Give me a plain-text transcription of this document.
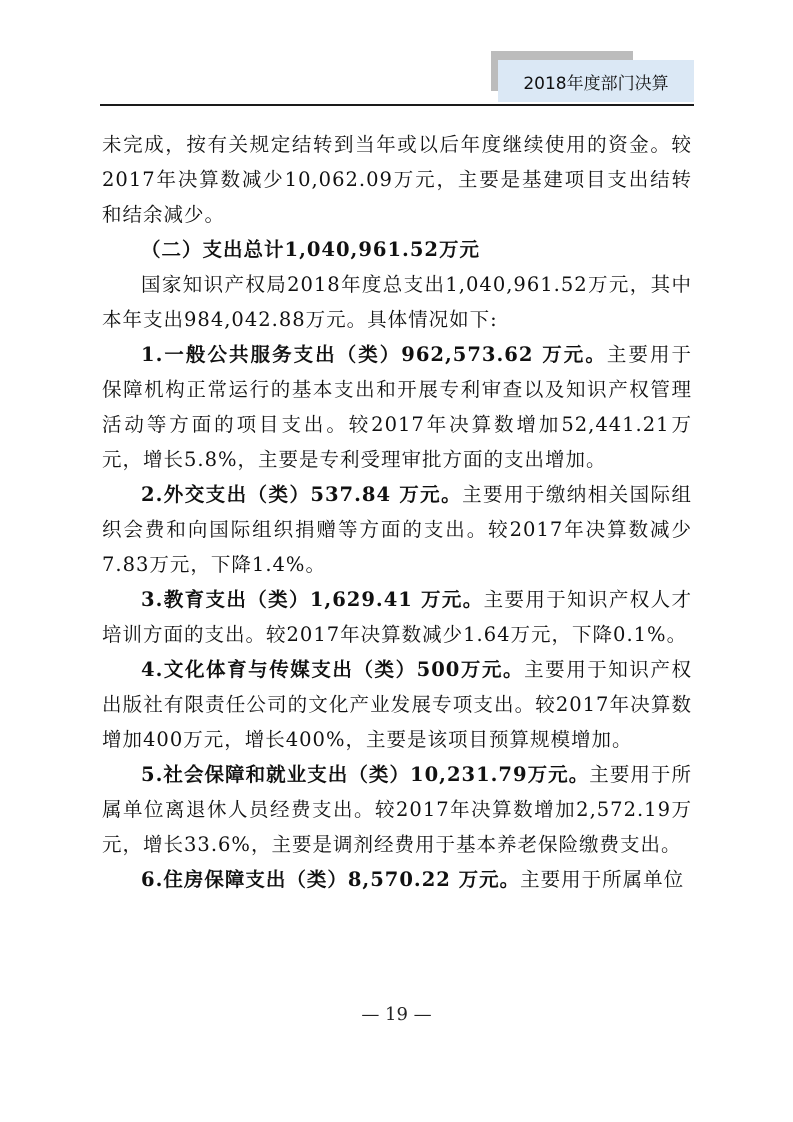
2018年度部门决算

未完成，按有关规定结转到当年或以后年度继续使用的资金。较2017年决算数减少10,062.09万元，主要是基建项目支出结转和结余减少。

（二）支出总计1,040,961.52万元

国家知识产权局2018年度总支出1,040,961.52万元，其中本年支出984,042.88万元。具体情况如下:

1.一般公共服务支出（类）962,573.62 万元。主要用于保障机构正常运行的基本支出和开展专利审查以及知识产权管理活动等方面的项目支出。较2017年决算数增加52,441.21万元，增长5.8%，主要是专利受理审批方面的支出增加。

2.外交支出（类）537.84 万元。主要用于缴纳相关国际组织会费和向国际组织捐赠等方面的支出。较2017年决算数减少7.83万元，下降1.4%。

3.教育支出（类）1,629.41 万元。主要用于知识产权人才培训方面的支出。较2017年决算数减少1.64万元，下降0.1%。

4.文化体育与传媒支出（类）500万元。主要用于知识产权出版社有限责任公司的文化产业发展专项支出。较2017年决算数增加400万元，增长400%，主要是该项目预算规模增加。

5.社会保障和就业支出（类）10,231.79万元。主要用于所属单位离退休人员经费支出。较2017年决算数增加2,572.19万元，增长33.6%，主要是调剂经费用于基本养老保险缴费支出。

6.住房保障支出（类）8,570.22 万元。主要用于所属单位

— 19 —
